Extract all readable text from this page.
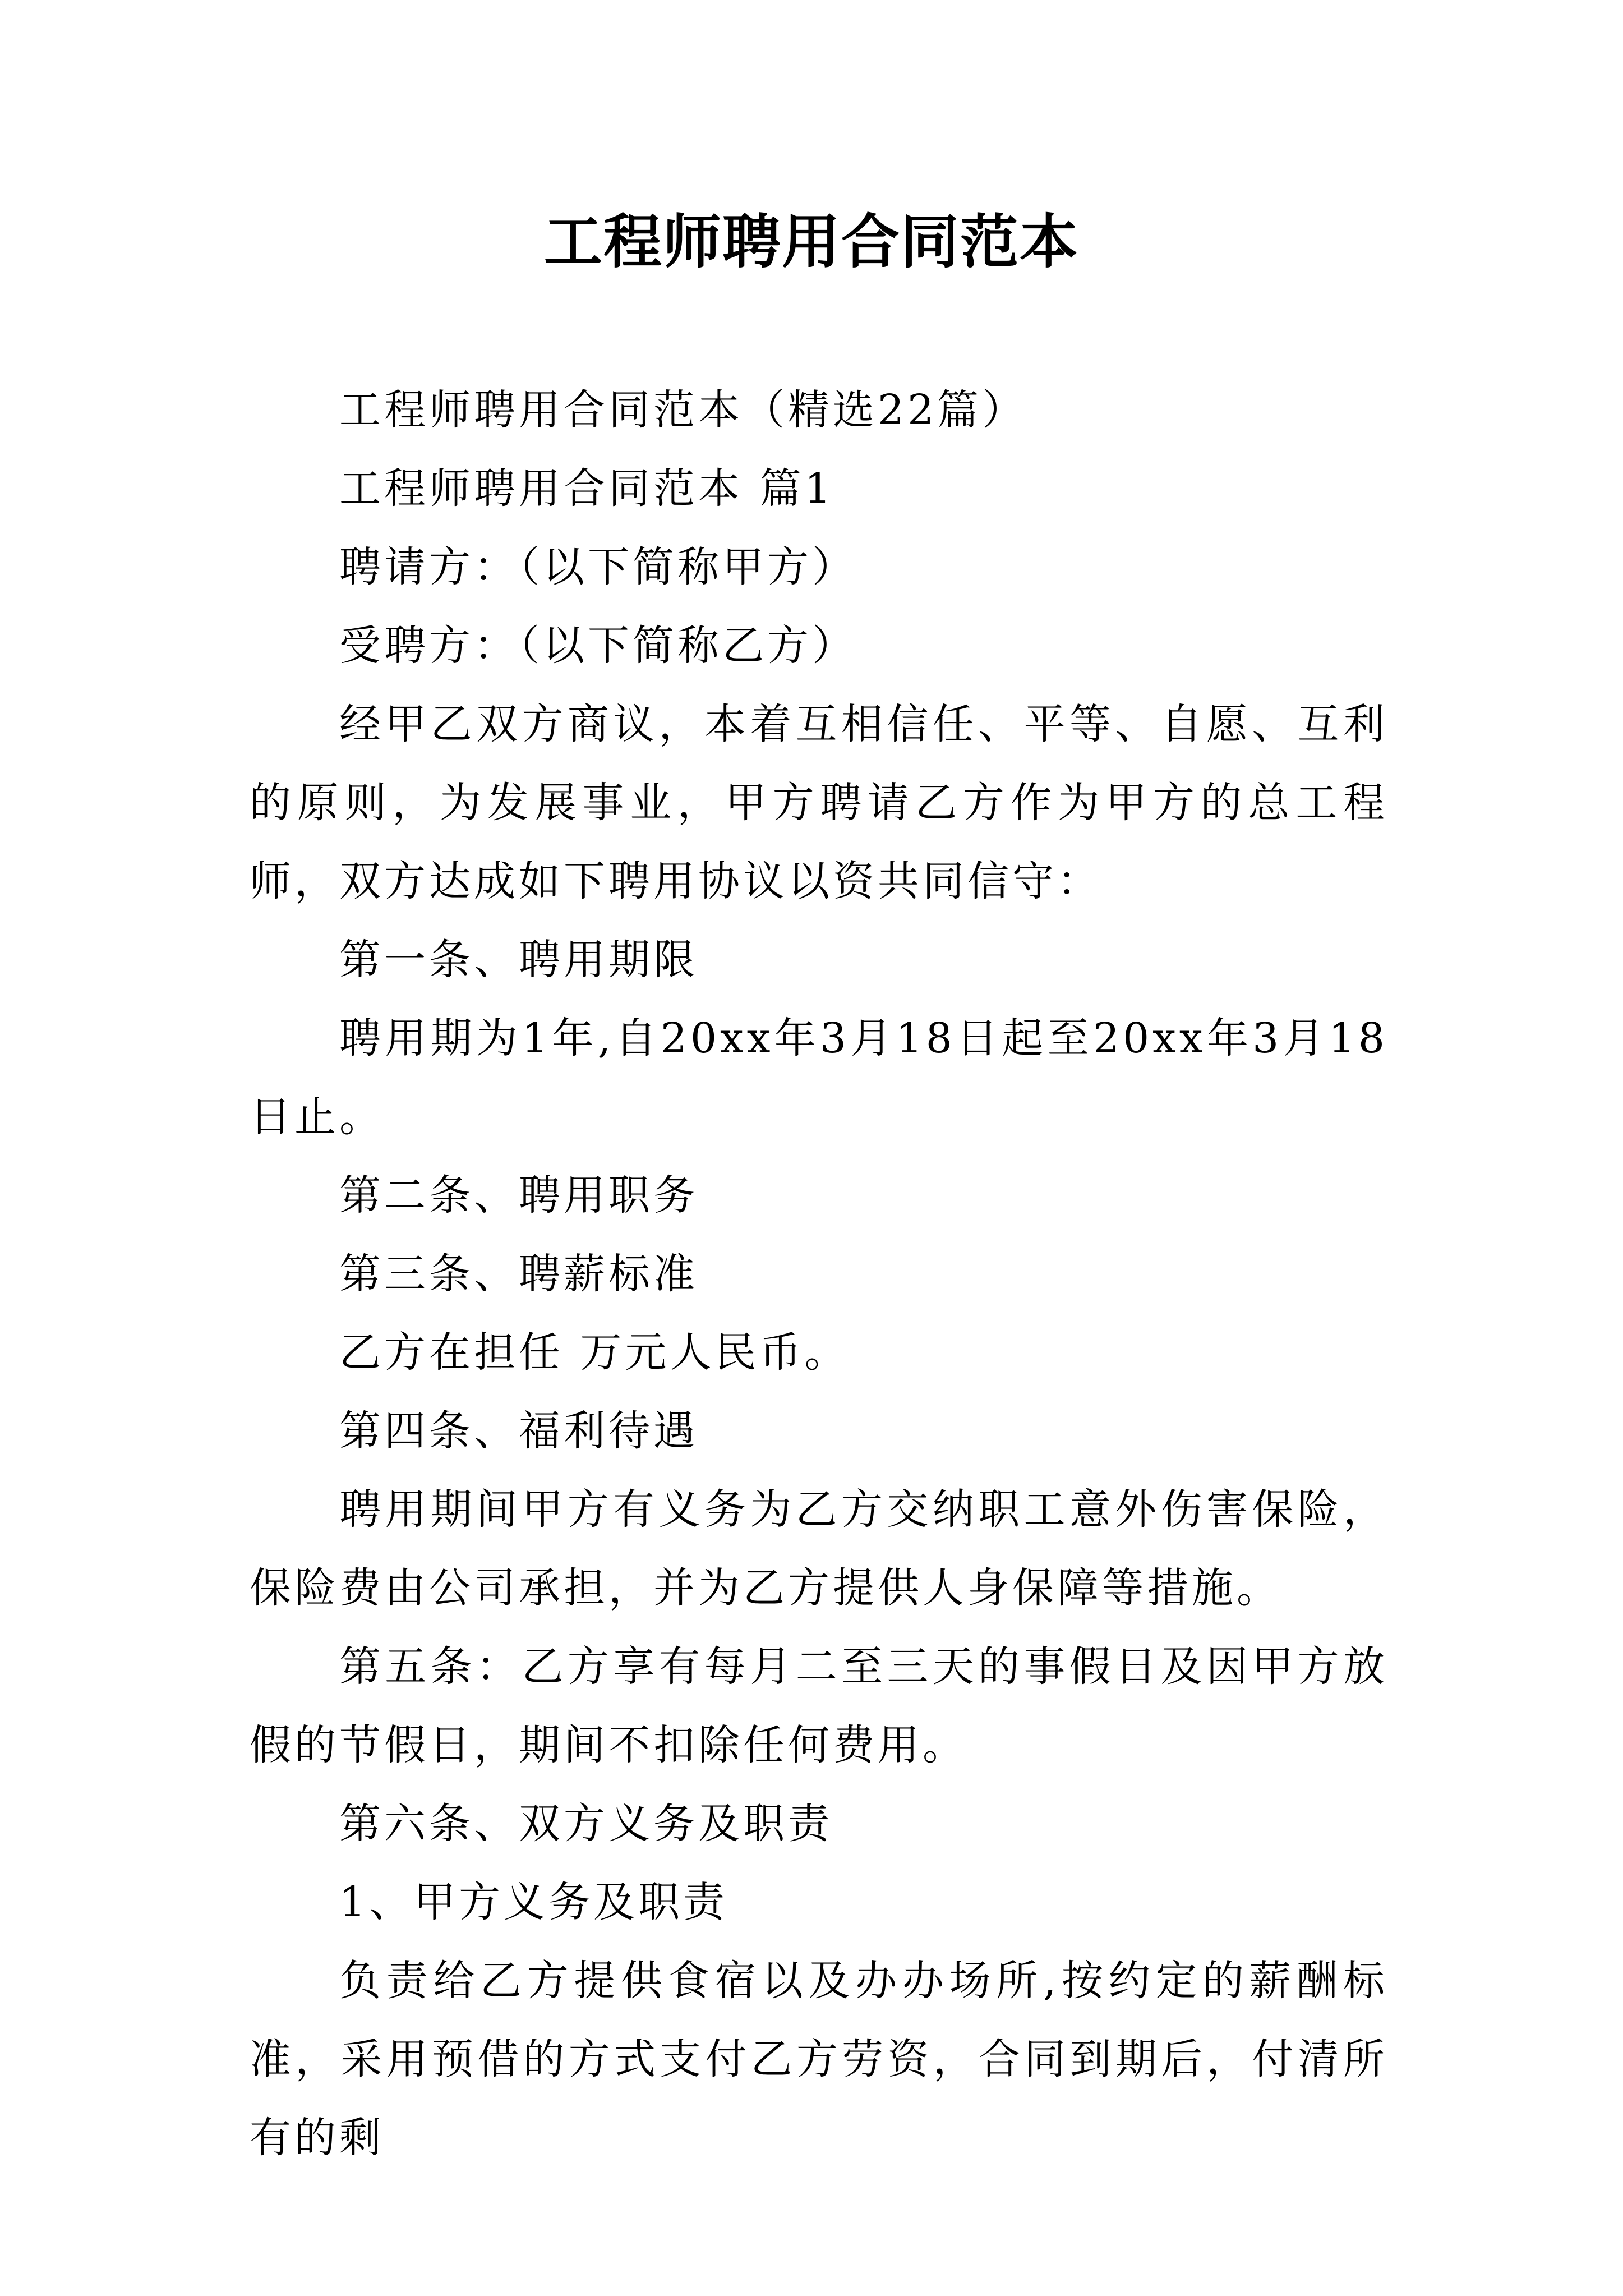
工程师聘用合同范本

工程师聘用合同范本（精选22篇）

工程师聘用合同范本 篇1

聘请方：（以下简称甲方）

受聘方：（以下简称乙方）

经甲乙双方商议，本着互相信任、平等、自愿、互利的原则，为发展事业，甲方聘请乙方作为甲方的总工程师，双方达成如下聘用协议以资共同信守：

第一条、聘用期限

聘用期为1年,自20xx年3月18日起至20xx年3月18日止。

第二条、聘用职务

第三条、聘薪标准

乙方在担任 万元人民币。

第四条、福利待遇

聘用期间甲方有义务为乙方交纳职工意外伤害保险，保险费由公司承担，并为乙方提供人身保障等措施。

第五条：乙方享有每月二至三天的事假日及因甲方放假的节假日，期间不扣除任何费用。

第六条、双方义务及职责

1、甲方义务及职责

负责给乙方提供食宿以及办办场所,按约定的薪酬标准，采用预借的方式支付乙方劳资，合同到期后，付清所有的剩
